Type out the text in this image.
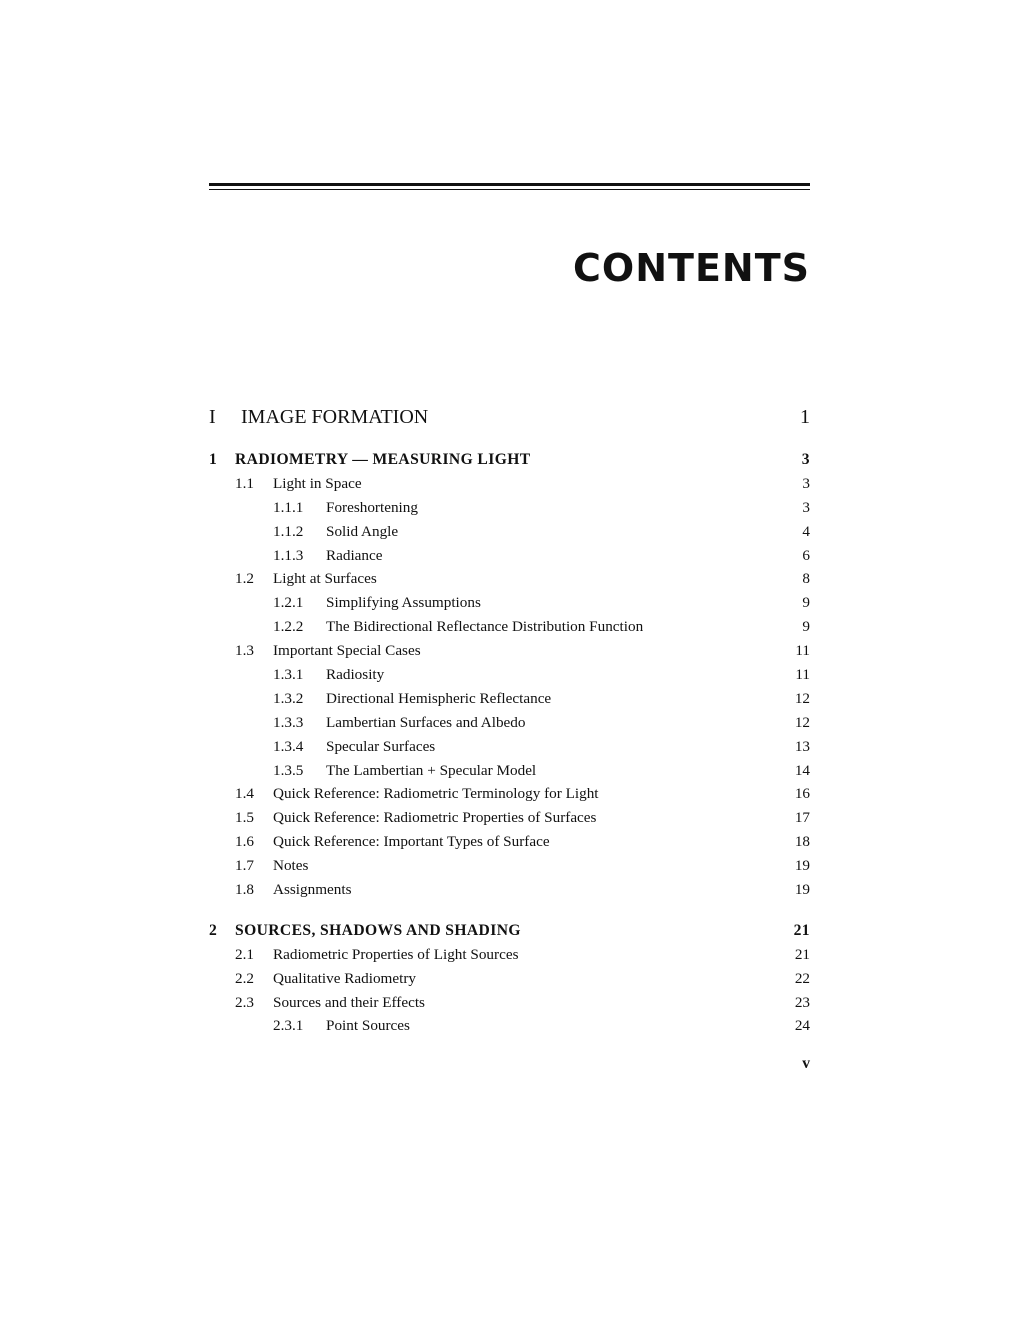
CONTENTS
I IMAGE FORMATION	1
1 RADIOMETRY — MEASURING LIGHT	3
1.1 Light in Space	3
1.1.1 Foreshortening	3
1.1.2 Solid Angle	4
1.1.3 Radiance	6
1.2 Light at Surfaces	8
1.2.1 Simplifying Assumptions	9
1.2.2 The Bidirectional Reflectance Distribution Function	9
1.3 Important Special Cases	11
1.3.1 Radiosity	11
1.3.2 Directional Hemispheric Reflectance	12
1.3.3 Lambertian Surfaces and Albedo	12
1.3.4 Specular Surfaces	13
1.3.5 The Lambertian + Specular Model	14
1.4 Quick Reference: Radiometric Terminology for Light	16
1.5 Quick Reference: Radiometric Properties of Surfaces	17
1.6 Quick Reference: Important Types of Surface	18
1.7 Notes	19
1.8 Assignments	19
2 SOURCES, SHADOWS AND SHADING	21
2.1 Radiometric Properties of Light Sources	21
2.2 Qualitative Radiometry	22
2.3 Sources and their Effects	23
2.3.1 Point Sources	24
v
